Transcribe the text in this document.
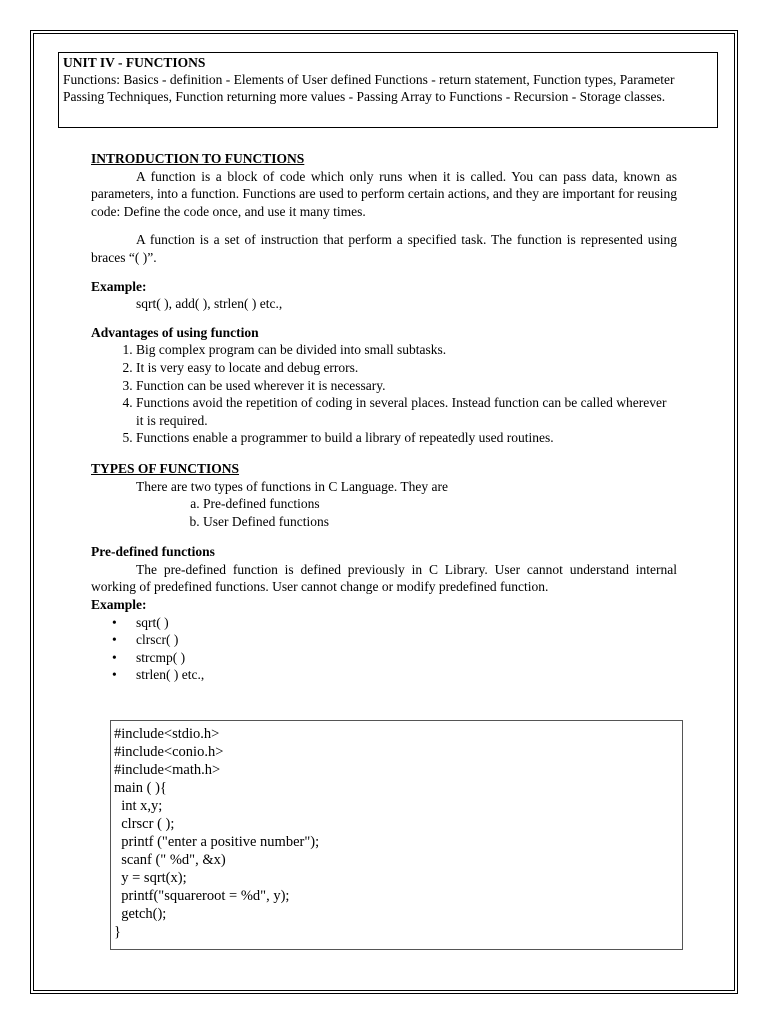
UNIT IV - FUNCTIONS

Functions: Basics - definition - Elements of User defined Functions - return statement, Function types, Parameter Passing Techniques, Function returning more values - Passing Array to Functions - Recursion - Storage classes.

INTRODUCTION TO FUNCTIONS

A function is a block of code which only runs when it is called. You can pass data, known as parameters, into a function. Functions are used to perform certain actions, and they are important for reusing code: Define the code once, and use it many times.

A function is a set of instruction that perform a specified task. The function is represented using braces “( )”.

Example:

sqrt( ), add( ), strlen( ) etc.,

Advantages of using function

1. Big complex program can be divided into small subtasks.
2. It is very easy to locate and debug errors.
3. Function can be used wherever it is necessary.
4. Functions avoid the repetition of coding in several places. Instead function can be called wherever it is required.
5. Functions enable a programmer to build a library of repeatedly used routines.

TYPES OF FUNCTIONS

There are two types of functions in C Language. They are

a. Pre-defined functions
b. User Defined functions

Pre-defined functions

The pre-defined function is defined previously in C Library. User cannot understand internal working of predefined functions. User cannot change or modify predefined function.

Example:

• sqrt( )
• clrscr( )
• strcmp( )
• strlen( ) etc.,

#include<stdio.h>

#include<conio.h>

#include<math.h>

main ( ){

int x,y;

clrscr ( );

printf ("enter a positive number");

scanf (" %d", &x)

y = sqrt(x);

printf("squareroot = %d", y);

getch();

}
